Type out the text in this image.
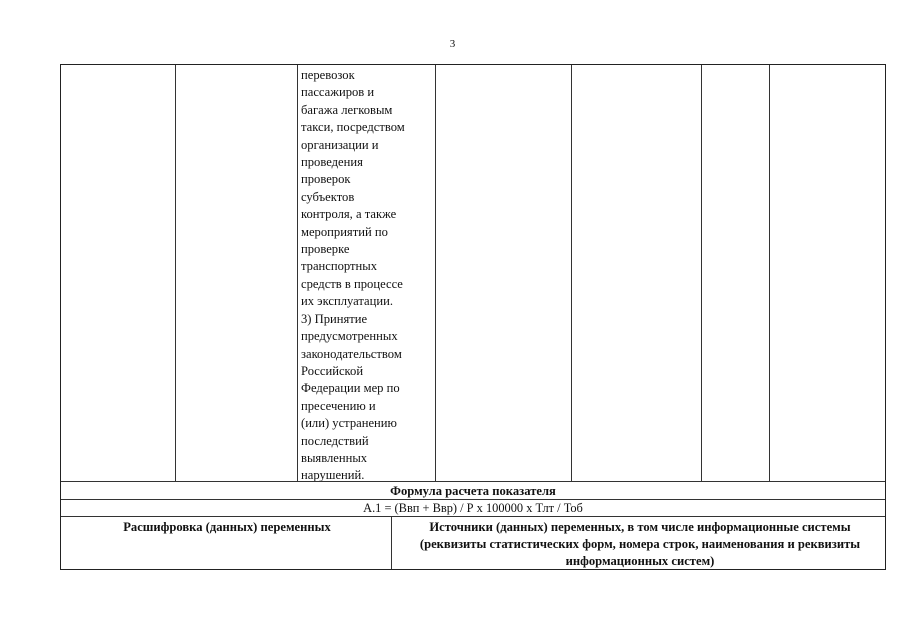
3
перевозок
пассажиров и
багажа легковым
такси, посредством
организации и
проведения
проверок
субъектов
контроля, а также
мероприятий по
проверке
транспортных
средств в процессе
их эксплуатации.
3) Принятие
предусмотренных
законодательством
Российской
Федерации мер по
пресечению и
(или) устранению
последствий
выявленных
нарушений.
Формула расчета показателя
А.1 = (Ввп + Ввр) / Р х 100000 х Тлт / Тоб
Расшифровка (данных) переменных	Источники (данных) переменных, в том числе информационные системы (реквизиты статистических форм, номера строк, наименования и реквизиты информационных систем)
